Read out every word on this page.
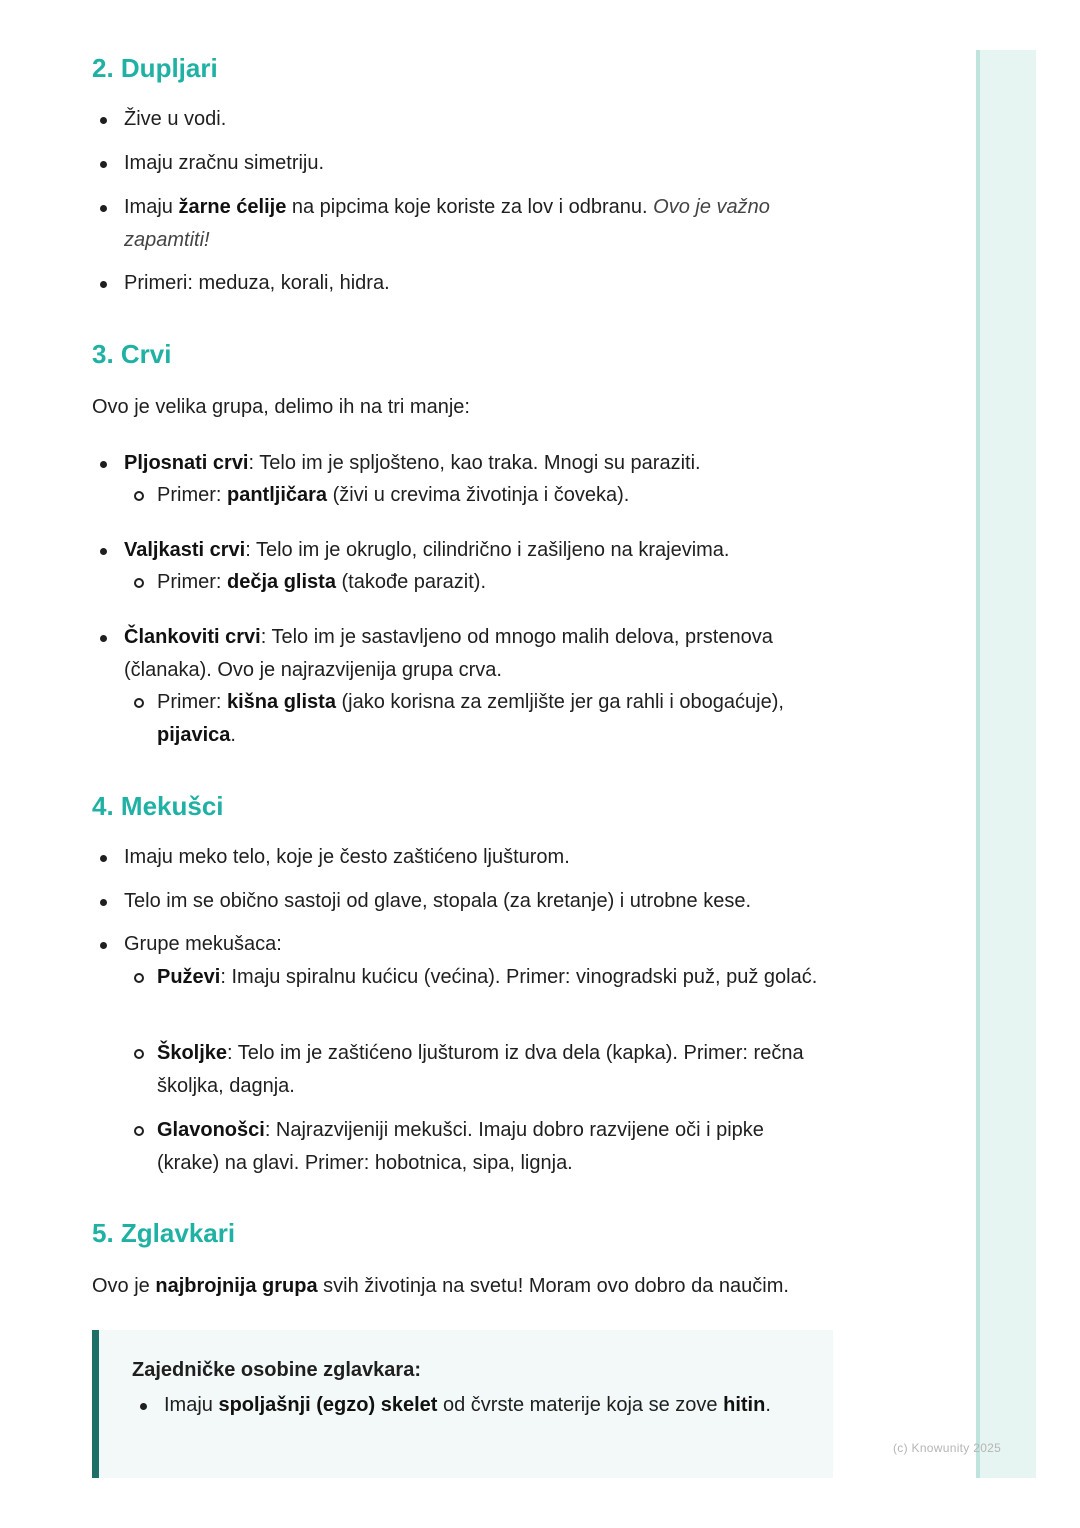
(c) Knowunity 2025
2. Dupljari
Žive u vodi.
Imaju zračnu simetriju.
Imaju žarne ćelije na pipcima koje koriste za lov i odbranu. Ovo je važno zapamtiti!
Primeri: meduza, korali, hidra.
3. Crvi

Ovo je velika grupa, delimo ih na tri manje:

Pljosnati crvi: Telo im je spljošteno, kao traka. Mnogi su paraziti.
Primer: pantljičara (živi u crevima životinja i čoveka).
Valjkasti crvi: Telo im je okruglo, cilindrično i zašiljeno na krajevima.
Primer: dečja glista (takođe parazit).
Člankoviti crvi: Telo im je sastavljeno od mnogo malih delova, prstenova (članaka). Ovo je najrazvijenija grupa crva.
Primer: kišna glista (jako korisna za zemljište jer ga rahli i obogaćuje), pijavica.
4. Mekušci
Imaju meko telo, koje je često zaštićeno ljušturom.
Telo im se obično sastoji od glave, stopala (za kretanje) i utrobne kese.
Grupe mekušaca:
Puževi: Imaju spiralnu kućicu (većina). Primer: vinogradski puž, puž golać.
Školjke: Telo im je zaštićeno ljušturom iz dva dela (kapka). Primer: rečna školjka, dagnja.
Glavonošci: Najrazvijeniji mekušci. Imaju dobro razvijene oči i pipke (krake) na glavi. Primer: hobotnica, sipa, lignja.
5. Zglavkari

Ovo je najbrojnija grupa svih životinja na svetu! Moram ovo dobro da naučim.

Zajedničke osobine zglavkara:
Imaju spoljašnji (egzo) skelet od čvrste materije koja se zove hitin.
